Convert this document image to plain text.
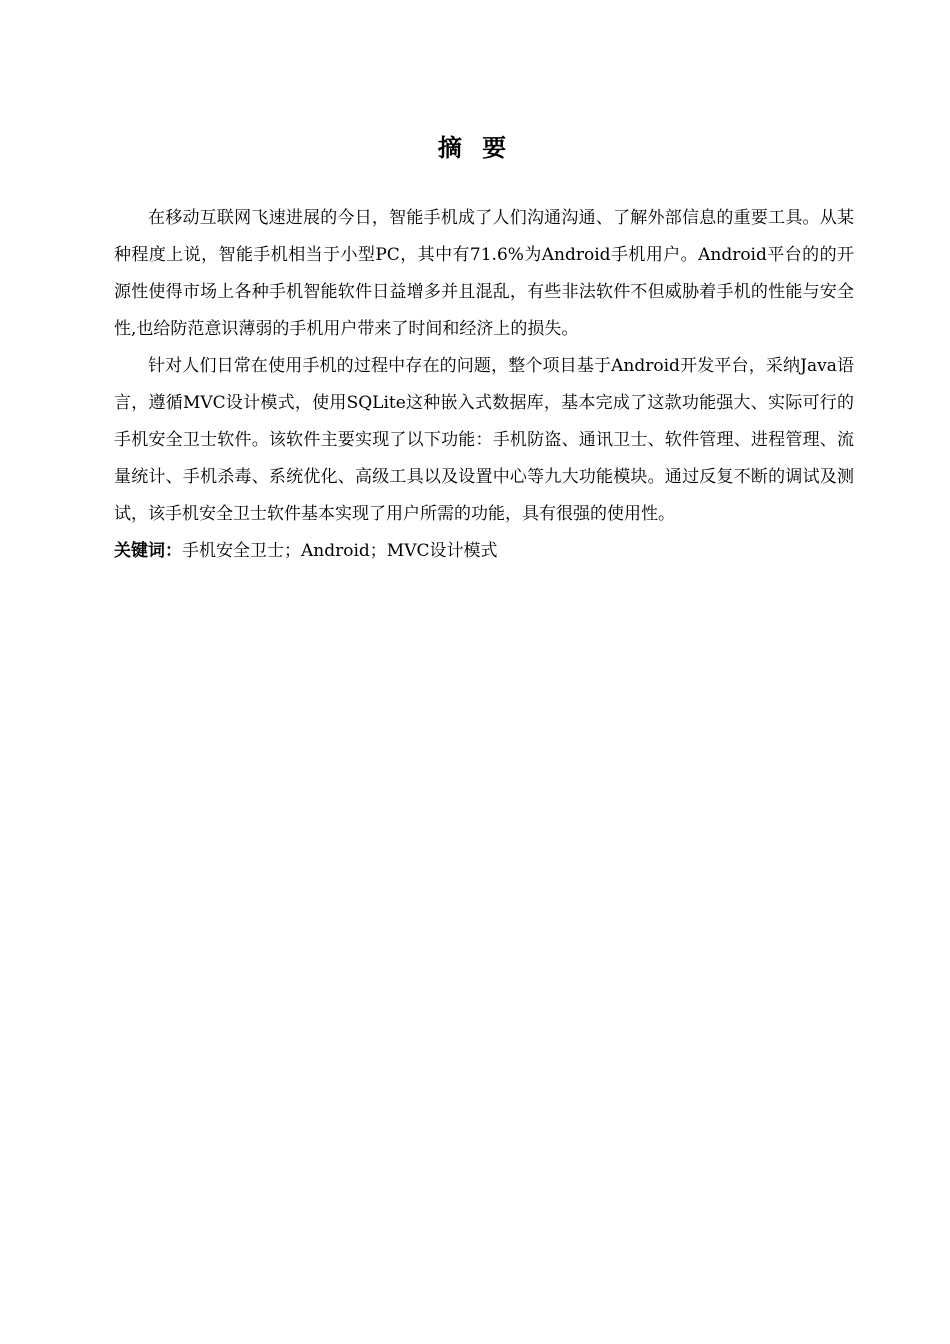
摘 要

在移动互联网飞速进展的今日，智能手机成了人们沟通沟通、了解外部信息的重要工具。从某种程度上说，智能手机相当于小型PC，其中有71.6%为Android手机用户。Android平台的的开源性使得市场上各种手机智能软件日益增多并且混乱，有些非法软件不但威胁着手机的性能与安全性,也给防范意识薄弱的手机用户带来了时间和经济上的损失。

针对人们日常在使用手机的过程中存在的问题，整个项目基于Android开发平台，采纳Java语言，遵循MVC设计模式，使用SQLite这种嵌入式数据库，基本完成了这款功能强大、实际可行的手机安全卫士软件。该软件主要实现了以下功能：手机防盗、通讯卫士、软件管理、进程管理、流量统计、手机杀毒、系统优化、高级工具以及设置中心等九大功能模块。通过反复不断的调试及测试，该手机安全卫士软件基本实现了用户所需的功能，具有很强的使用性。

关键词：手机安全卫士；Android；MVC设计模式
